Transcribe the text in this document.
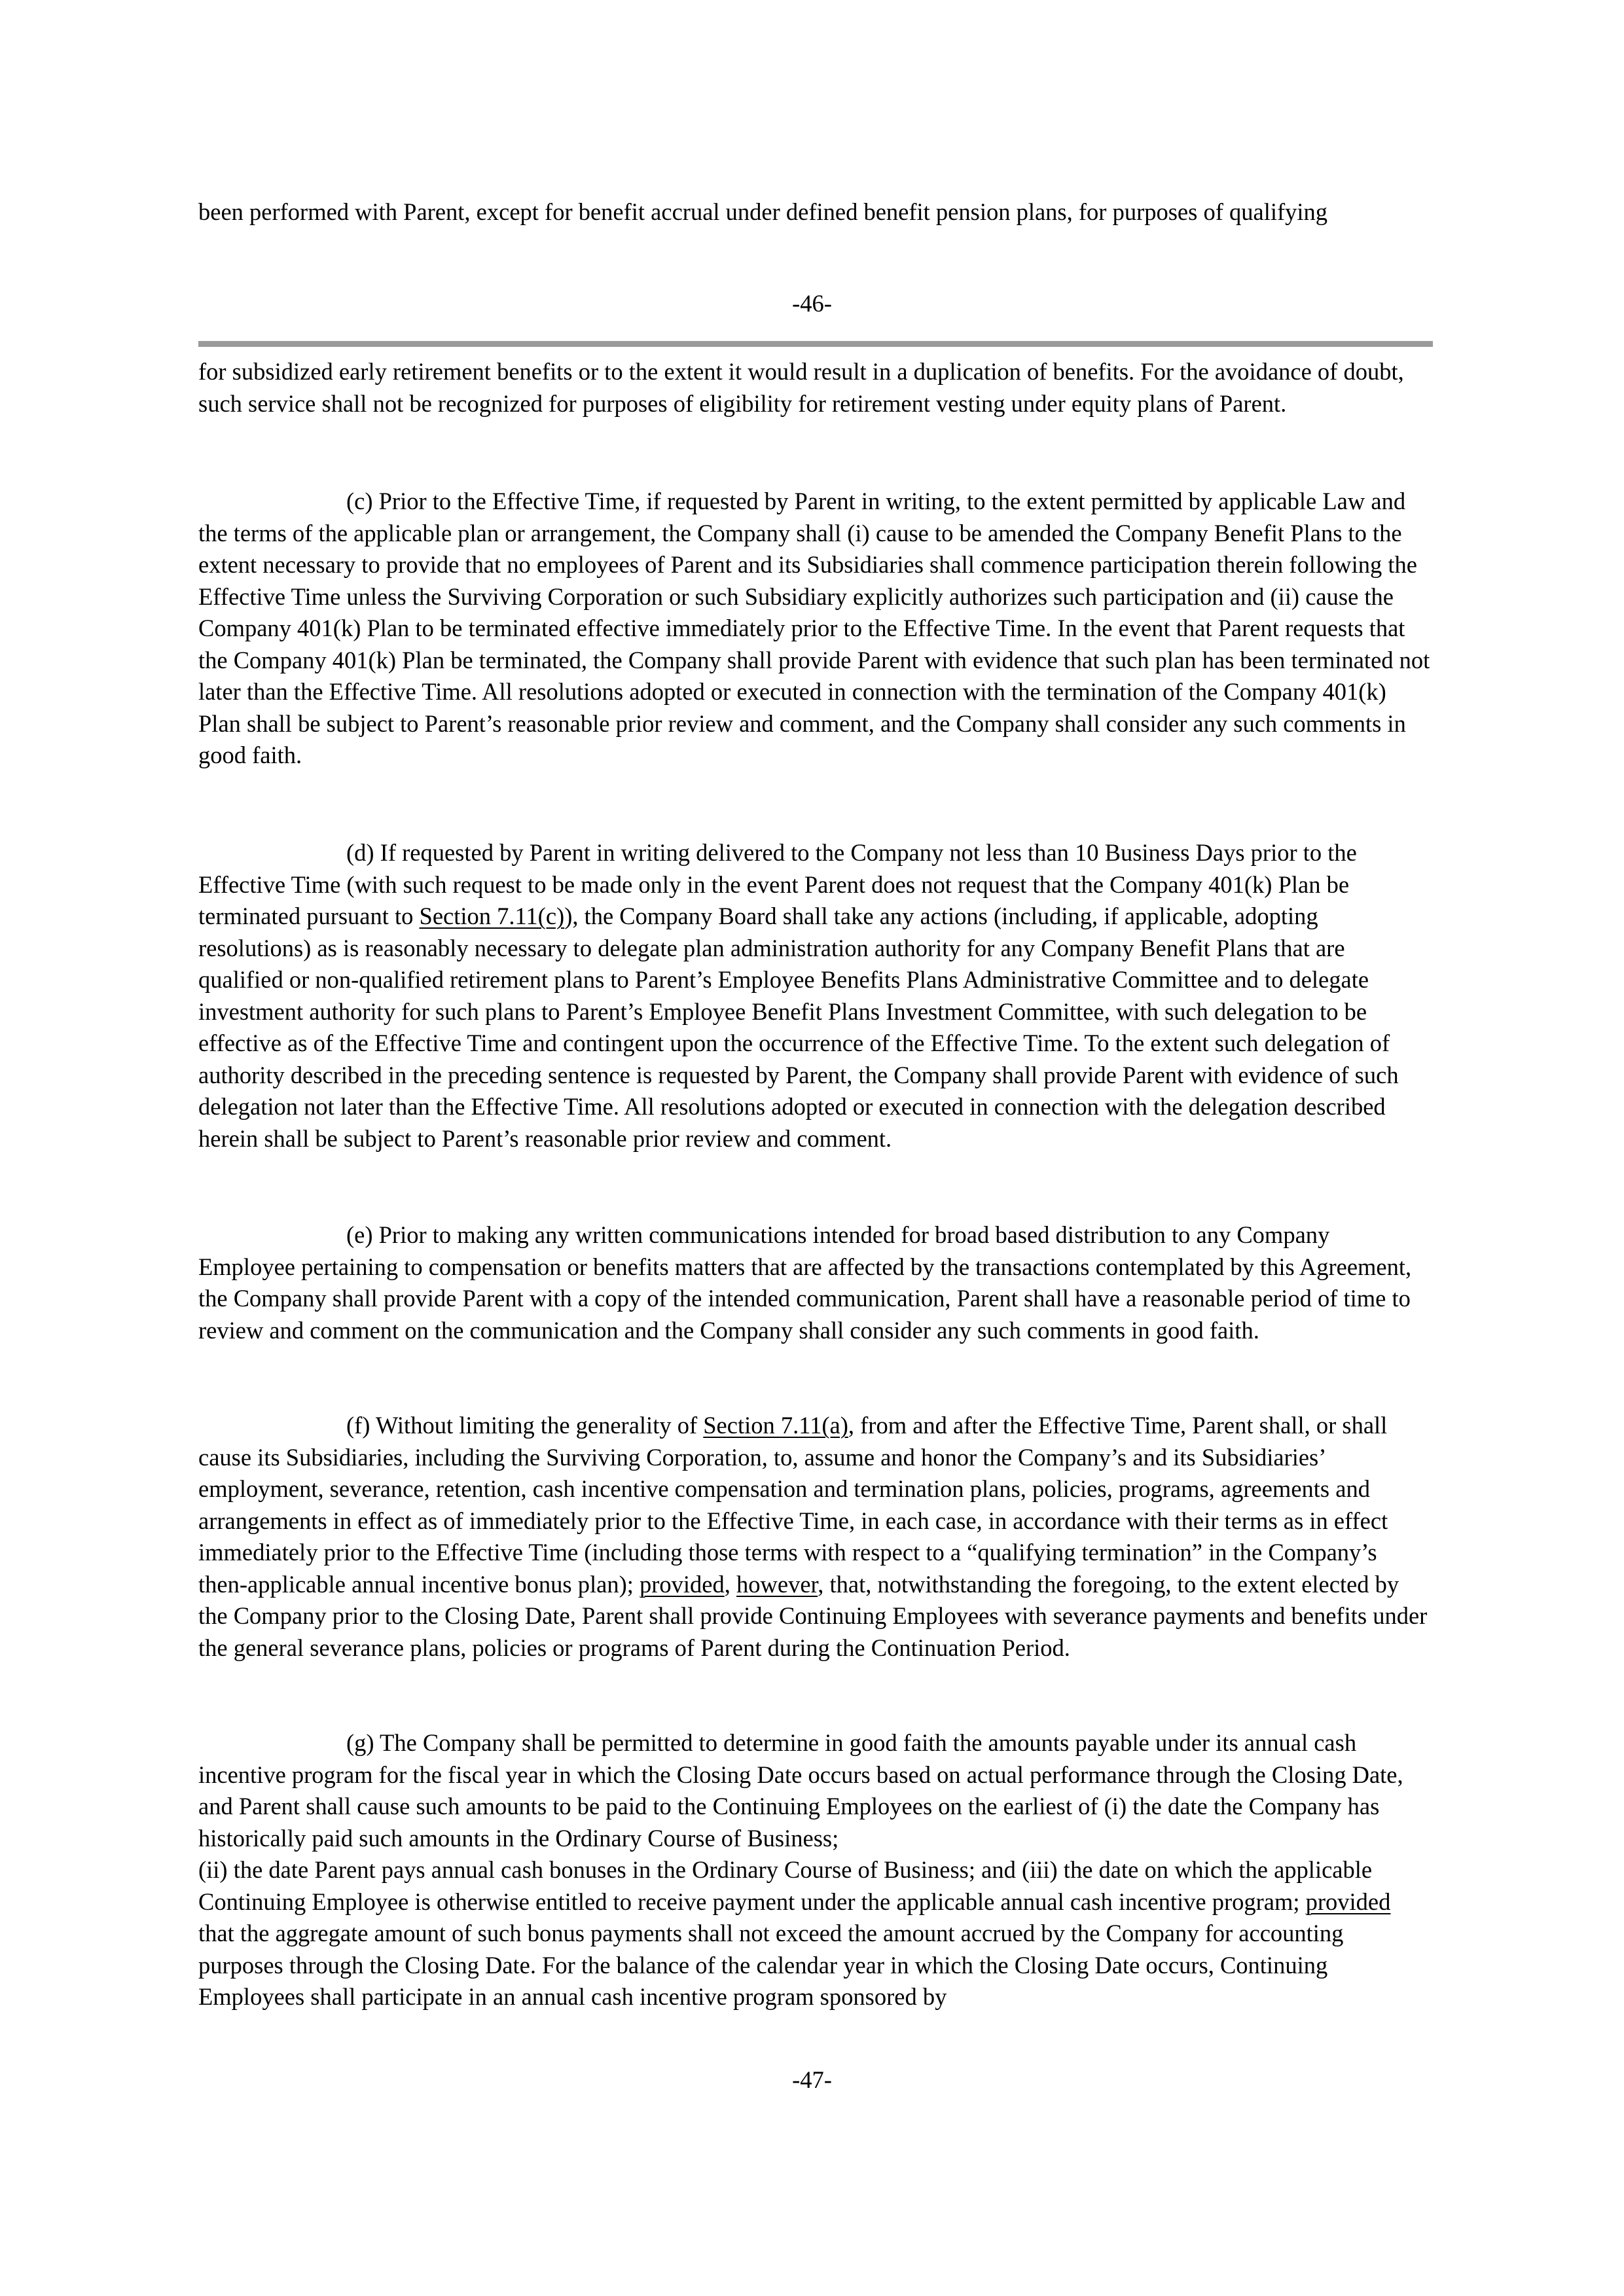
been performed with Parent, except for benefit accrual under defined benefit pension plans, for purposes of qualifying

-46-

for subsidized early retirement benefits or to the extent it would result in a duplication of benefits. For the avoidance of doubt, such service shall not be recognized for purposes of eligibility for retirement vesting under equity plans of Parent.

(c) Prior to the Effective Time, if requested by Parent in writing, to the extent permitted by applicable Law and the terms of the applicable plan or arrangement, the Company shall (i) cause to be amended the Company Benefit Plans to the extent necessary to provide that no employees of Parent and its Subsidiaries shall commence participation therein following the Effective Time unless the Surviving Corporation or such Subsidiary explicitly authorizes such participation and (ii) cause the Company 401(k) Plan to be terminated effective immediately prior to the Effective Time. In the event that Parent requests that the Company 401(k) Plan be terminated, the Company shall provide Parent with evidence that such plan has been terminated not later than the Effective Time. All resolutions adopted or executed in connection with the termination of the Company 401(k) Plan shall be subject to Parent’s reasonable prior review and comment, and the Company shall consider any such comments in good faith.

(d) If requested by Parent in writing delivered to the Company not less than 10 Business Days prior to the Effective Time (with such request to be made only in the event Parent does not request that the Company 401(k) Plan be terminated pursuant to Section 7.11(c)), the Company Board shall take any actions (including, if applicable, adopting resolutions) as is reasonably necessary to delegate plan administration authority for any Company Benefit Plans that are qualified or non-qualified retirement plans to Parent’s Employee Benefits Plans Administrative Committee and to delegate investment authority for such plans to Parent’s Employee Benefit Plans Investment Committee, with such delegation to be effective as of the Effective Time and contingent upon the occurrence of the Effective Time. To the extent such delegation of authority described in the preceding sentence is requested by Parent, the Company shall provide Parent with evidence of such delegation not later than the Effective Time. All resolutions adopted or executed in connection with the delegation described herein shall be subject to Parent’s reasonable prior review and comment.

(e) Prior to making any written communications intended for broad based distribution to any Company Employee pertaining to compensation or benefits matters that are affected by the transactions contemplated by this Agreement, the Company shall provide Parent with a copy of the intended communication, Parent shall have a reasonable period of time to review and comment on the communication and the Company shall consider any such comments in good faith.

(f) Without limiting the generality of Section 7.11(a), from and after the Effective Time, Parent shall, or shall cause its Subsidiaries, including the Surviving Corporation, to, assume and honor the Company’s and its Subsidiaries’ employment, severance, retention, cash incentive compensation and termination plans, policies, programs, agreements and arrangements in effect as of immediately prior to the Effective Time, in each case, in accordance with their terms as in effect immediately prior to the Effective Time (including those terms with respect to a “qualifying termination” in the Company’s then-applicable annual incentive bonus plan); provided, however, that, notwithstanding the foregoing, to the extent elected by the Company prior to the Closing Date, Parent shall provide Continuing Employees with severance payments and benefits under the general severance plans, policies or programs of Parent during the Continuation Period.

(g) The Company shall be permitted to determine in good faith the amounts payable under its annual cash incentive program for the fiscal year in which the Closing Date occurs based on actual performance through the Closing Date, and Parent shall cause such amounts to be paid to the Continuing Employees on the earliest of (i) the date the Company has historically paid such amounts in the Ordinary Course of Business;
(ii) the date Parent pays annual cash bonuses in the Ordinary Course of Business; and (iii) the date on which the applicable Continuing Employee is otherwise entitled to receive payment under the applicable annual cash incentive program; provided that the aggregate amount of such bonus payments shall not exceed the amount accrued by the Company for accounting purposes through the Closing Date. For the balance of the calendar year in which the Closing Date occurs, Continuing Employees shall participate in an annual cash incentive program sponsored by

-47-
